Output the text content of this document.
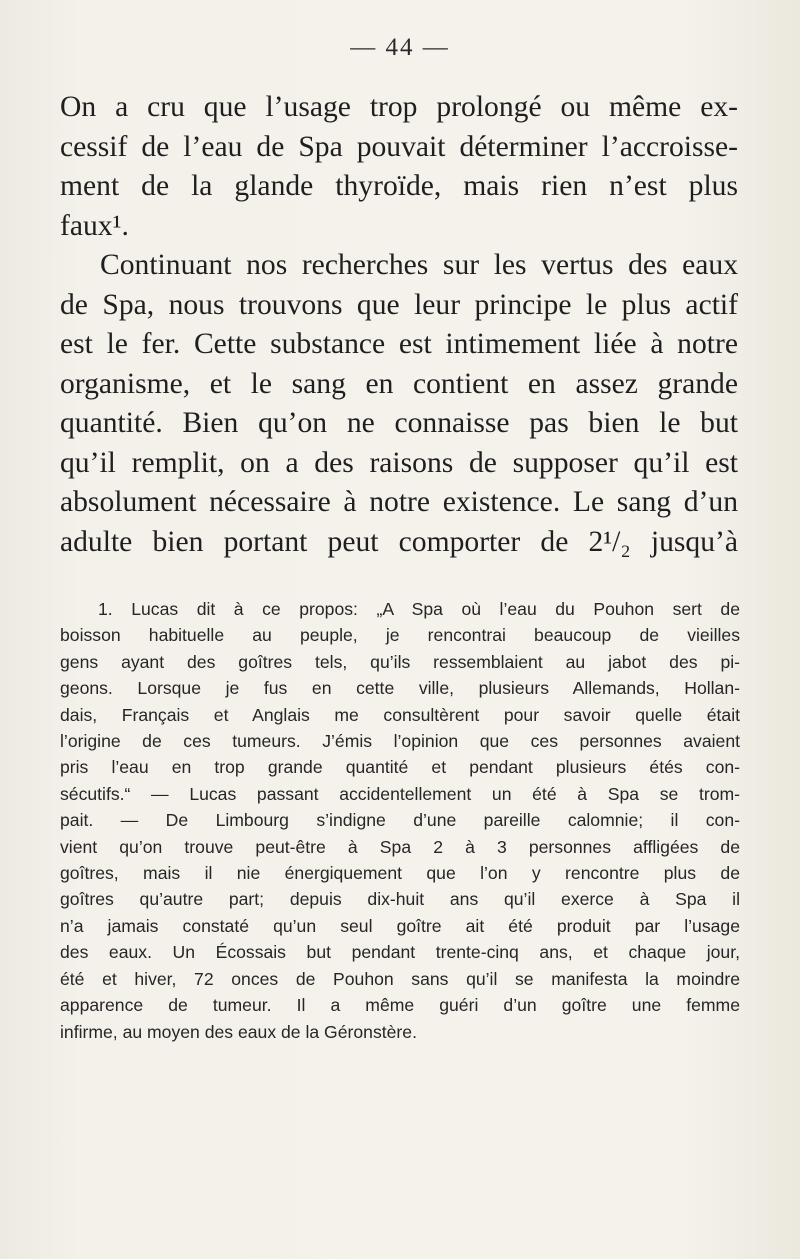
— 44 —
On a cru que l’usage trop prolongé ou même ex-
cessif de l’eau de Spa pouvait déterminer l’accroisse-
ment de la glande thyroïde, mais rien n’est plus
faux¹.
Continuant nos recherches sur les vertus des eaux
de Spa, nous trouvons que leur principe le plus actif
est le fer. Cette substance est intimement liée à notre
organisme, et le sang en contient en assez grande
quantité. Bien qu’on ne connaisse pas bien le but
qu’il remplit, on a des raisons de supposer qu’il est
absolument nécessaire à notre existence. Le sang d’un
adulte bien portant peut comporter de 2¹/₂ jusqu’à
1. Lucas dit à ce propos: „A Spa où l’eau du Pouhon sert de
boisson habituelle au peuple, je rencontrai beaucoup de vieilles
gens ayant des goîtres tels, qu’ils ressemblaient au jabot des pi-
geons. Lorsque je fus en cette ville, plusieurs Allemands, Hollan-
dais, Français et Anglais me consultèrent pour savoir quelle était
l’origine de ces tumeurs. J’émis l’opinion que ces personnes avaient
pris l’eau en trop grande quantité et pendant plusieurs étés con-
sécutifs.“ — Lucas passant accidentellement un été à Spa se trom-
pait. — De Limbourg s’indigne d’une pareille calomnie; il con-
vient qu’on trouve peut-être à Spa 2 à 3 personnes affligées de
goîtres, mais il nie énergiquement que l’on y rencontre plus de
goîtres qu’autre part; depuis dix-huit ans qu’il exerce à Spa il
n’a jamais constaté qu’un seul goître ait été produit par l’usage
des eaux. Un Écossais but pendant trente-cinq ans, et chaque jour,
été et hiver, 72 onces de Pouhon sans qu’il se manifesta la moindre
apparence de tumeur. Il a même guéri d’un goître une femme
infirme, au moyen des eaux de la Géronstère.
